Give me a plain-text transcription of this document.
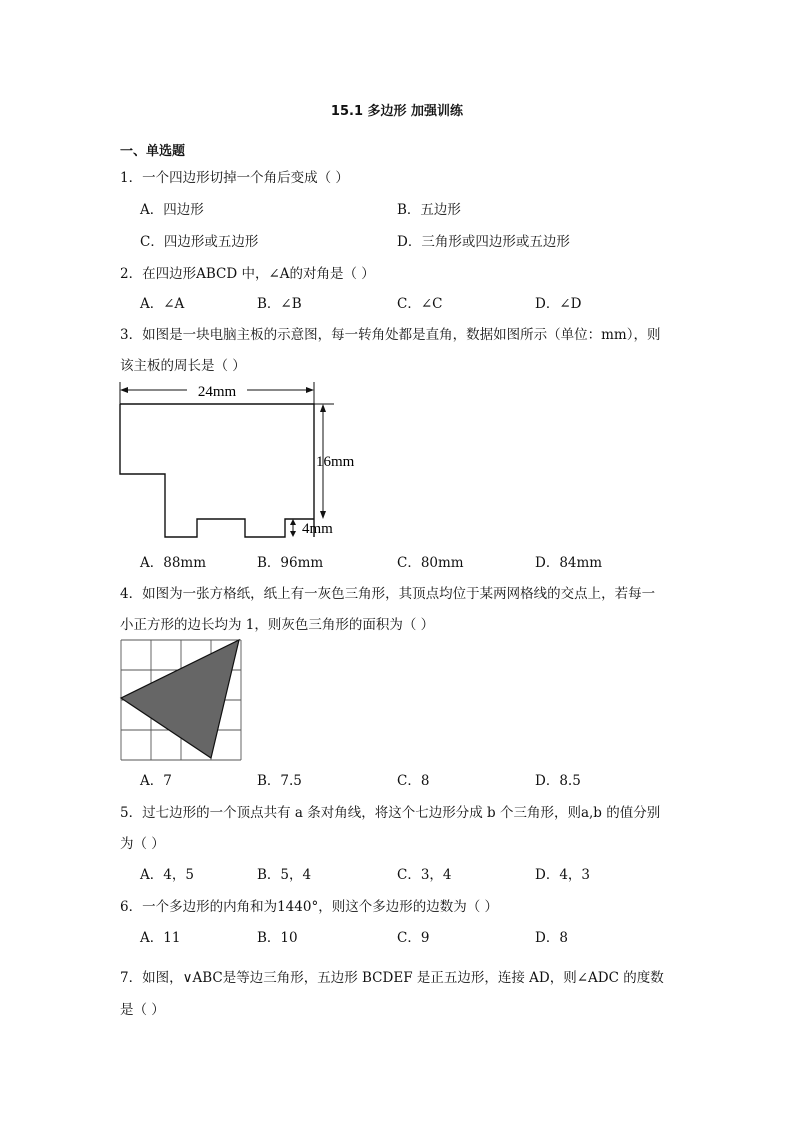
15.1 多边形 加强训练
一、单选题
1．一个四边形切掉一个角后变成（ ）
A．四边形	B．五边形
C．四边形或五边形	D．三角形或四边形或五边形
2．在四边形ABCD 中，∠A的对角是（ ）
A．∠A	B．∠B	C．∠C	D．∠D
3．如图是一块电脑主板的示意图，每一转角处都是直角，数据如图所示（单位：mm），则
该主板的周长是（ ）
24mm
16mm
4mm
A．88mm	B．96mm	C．80mm	D．84mm
4．如图为一张方格纸，纸上有一灰色三角形，其顶点均位于某两网格线的交点上，若每一
小正方形的边长均为 1，则灰色三角形的面积为（ ）
A．7	B．7.5	C．8	D．8.5
5．过七边形的一个顶点共有 a 条对角线，将这个七边形分成 b 个三角形，则a,b 的值分别
为（ ）
A．4，5	B．5，4	C．3，4	D．4，3
6．一个多边形的内角和为1440°，则这个多边形的边数为（ ）
A．11	B．10	C．9	D．8
7．如图，∨ABC是等边三角形，五边形 BCDEF 是正五边形，连接 AD，则∠ADC 的度数
是（ ）
